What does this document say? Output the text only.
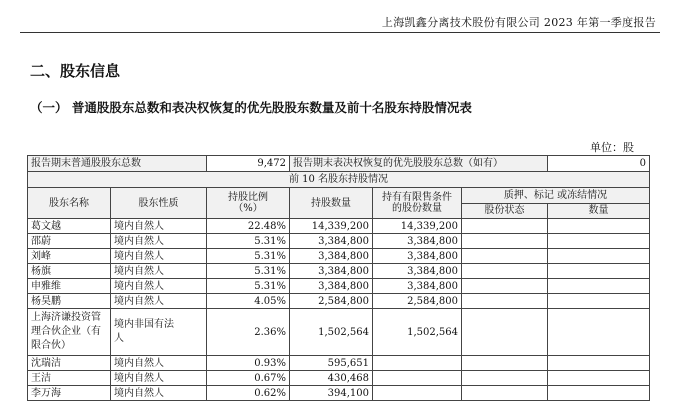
上海凯鑫分离技术股份有限公司 2023 年第一季度报告
二、股东信息
（一） 普通股股东总数和表决权恢复的优先股股东数量及前十名股东持股情况表
单位：股
报告期末普通股股东总数		9,472	报告期末表决权恢复的优先股股东总数（如有）			0
前 10 名股东持股情况						
股东名称	股东性质	持股比例（%）	持股数量	持有有限售条件的股份数量	质押、标记 或冻结情况	
					股份状态	数量
葛文越	境内自然人	22.48%	14,339,200	14,339,200		
邵蔚	境内自然人	5.31%	3,384,800	3,384,800		
刘峰	境内自然人	5.31%	3,384,800	3,384,800		
杨旗	境内自然人	5.31%	3,384,800	3,384,800		
申雅维	境内自然人	5.31%	3,384,800	3,384,800		
杨昊鹏	境内自然人	4.05%	2,584,800	2,584,800		
上海济谦投资管理合伙企业（有限合伙）	境内非国有法人	2.36%	1,502,564	1,502,564		
沈瑞洁	境内自然人	0.93%	595,651			
王洁	境内自然人	0.67%	430,468			
李万海	境内自然人	0.62%	394,100			
